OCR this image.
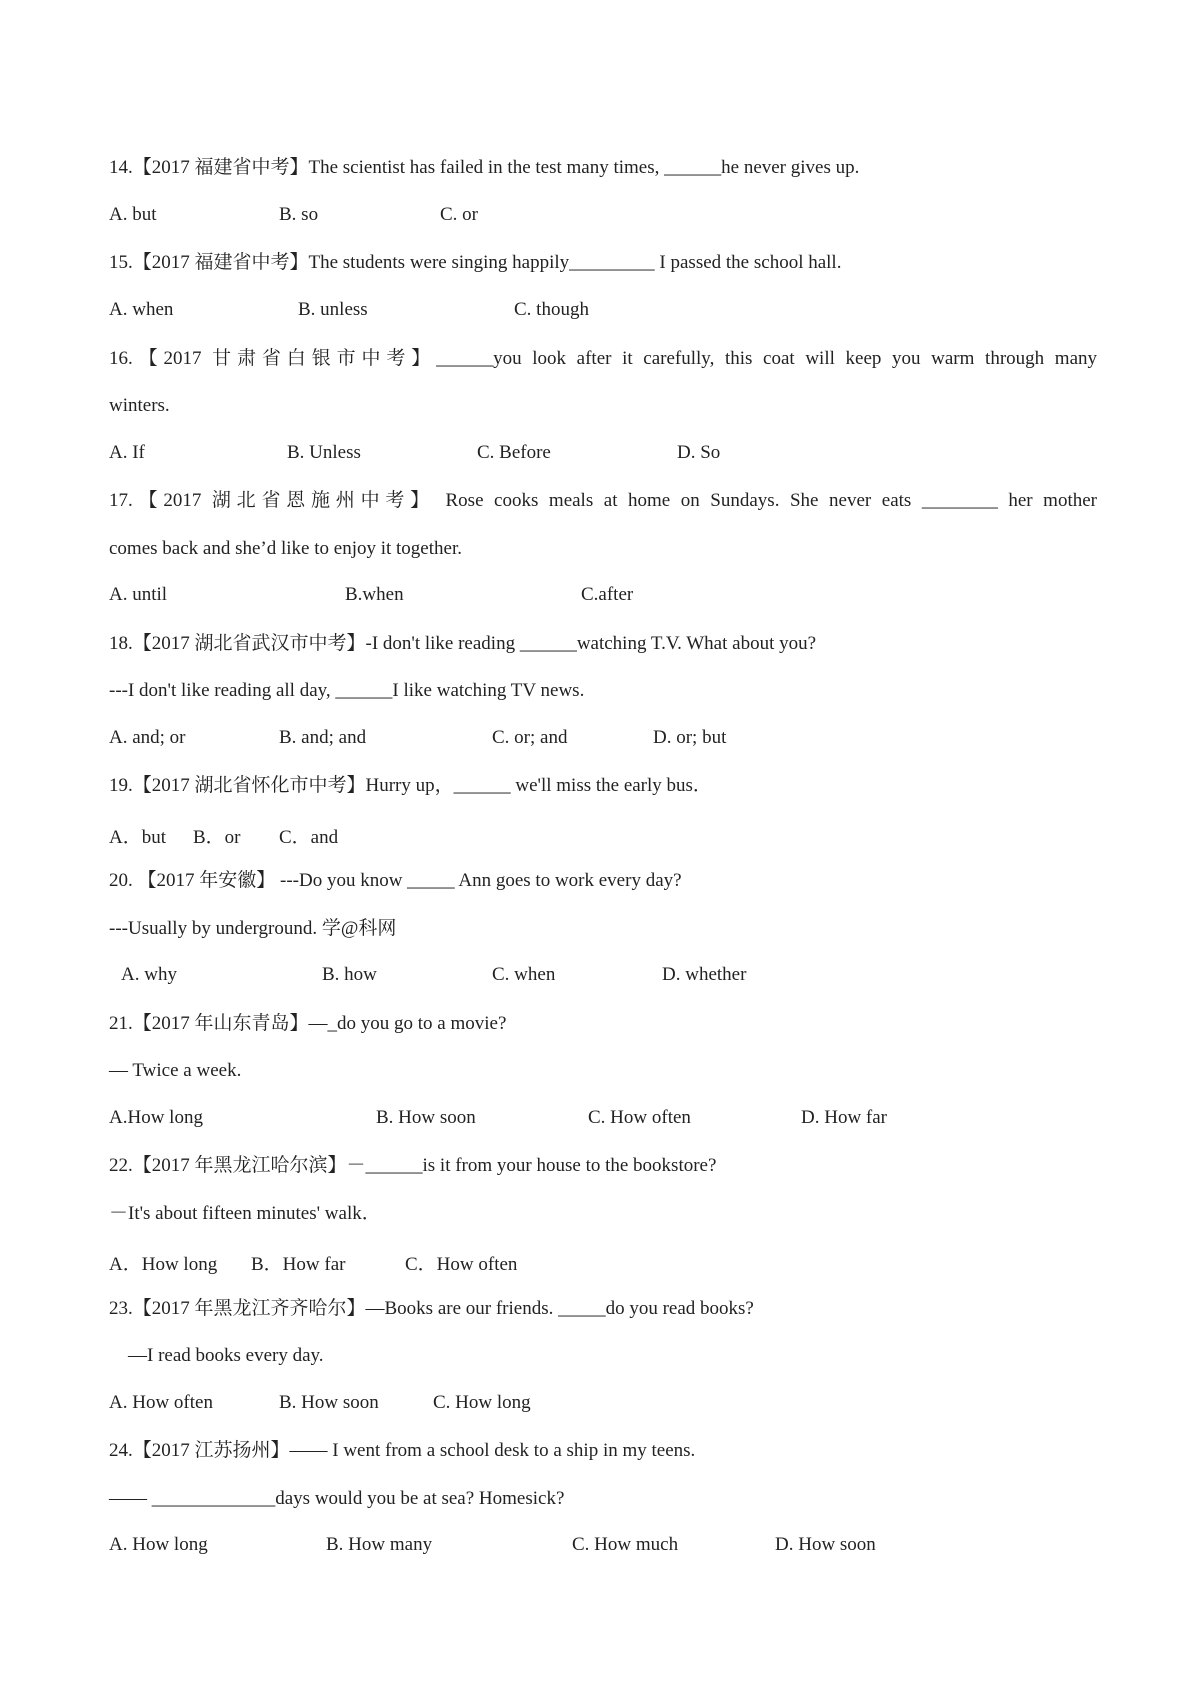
14.【2017 福建省中考】The scientist has failed in the test many times, ______he never gives up.
A. but	B. so	C. or
15.【2017 福建省中考】The students were singing happily_________ I passed the school hall.
A. when	B. unless	C. though
16.【2017 甘肃省白银市中考】______you look after it carefully, this coat will keep you warm through many
winters.
A. If	B. Unless	C. Before	D. So
17.【2017 湖北省恩施州中考】 Rose cooks meals at home on Sundays. She never eats ________ her mother
comes back and she’d like to enjoy it together.
A. until	B.when	C.after
18.【2017 湖北省武汉市中考】-I don't like reading ______watching T.V. What about you?
---I don't like reading all day, ______I like watching TV news.
A. and; or	B. and; and	C. or; and	D. or; but
19.【2017 湖北省怀化市中考】Hurry up，______ we'll miss the early bus．
A．but B．or C．and
20. 【2017 年安徽】 ---Do you know _____ Ann goes to work every day?
---Usually by underground. 学@科网
A. why	B. how	C. when	D. whether
21.【2017 年山东青岛】—_do you go to a movie?
— Twice a week.
A.How long	B. How soon	C. How often	D. How far
22.【2017 年黑龙江哈尔滨】－______is it from your house to the bookstore?
－It's about fifteen minutes' walk．
A．How long B．How far	C．How often
23.【2017 年黑龙江齐齐哈尔】—Books are our friends. _____do you read books?
—I read books every day.
A. How often	B. How soon	C. How long
24.【2017 江苏扬州】—— I went from a school desk to a ship in my teens.
—— _____________days would you be at sea? Homesick?
A. How long	B. How many	C. How much	D. How soon
